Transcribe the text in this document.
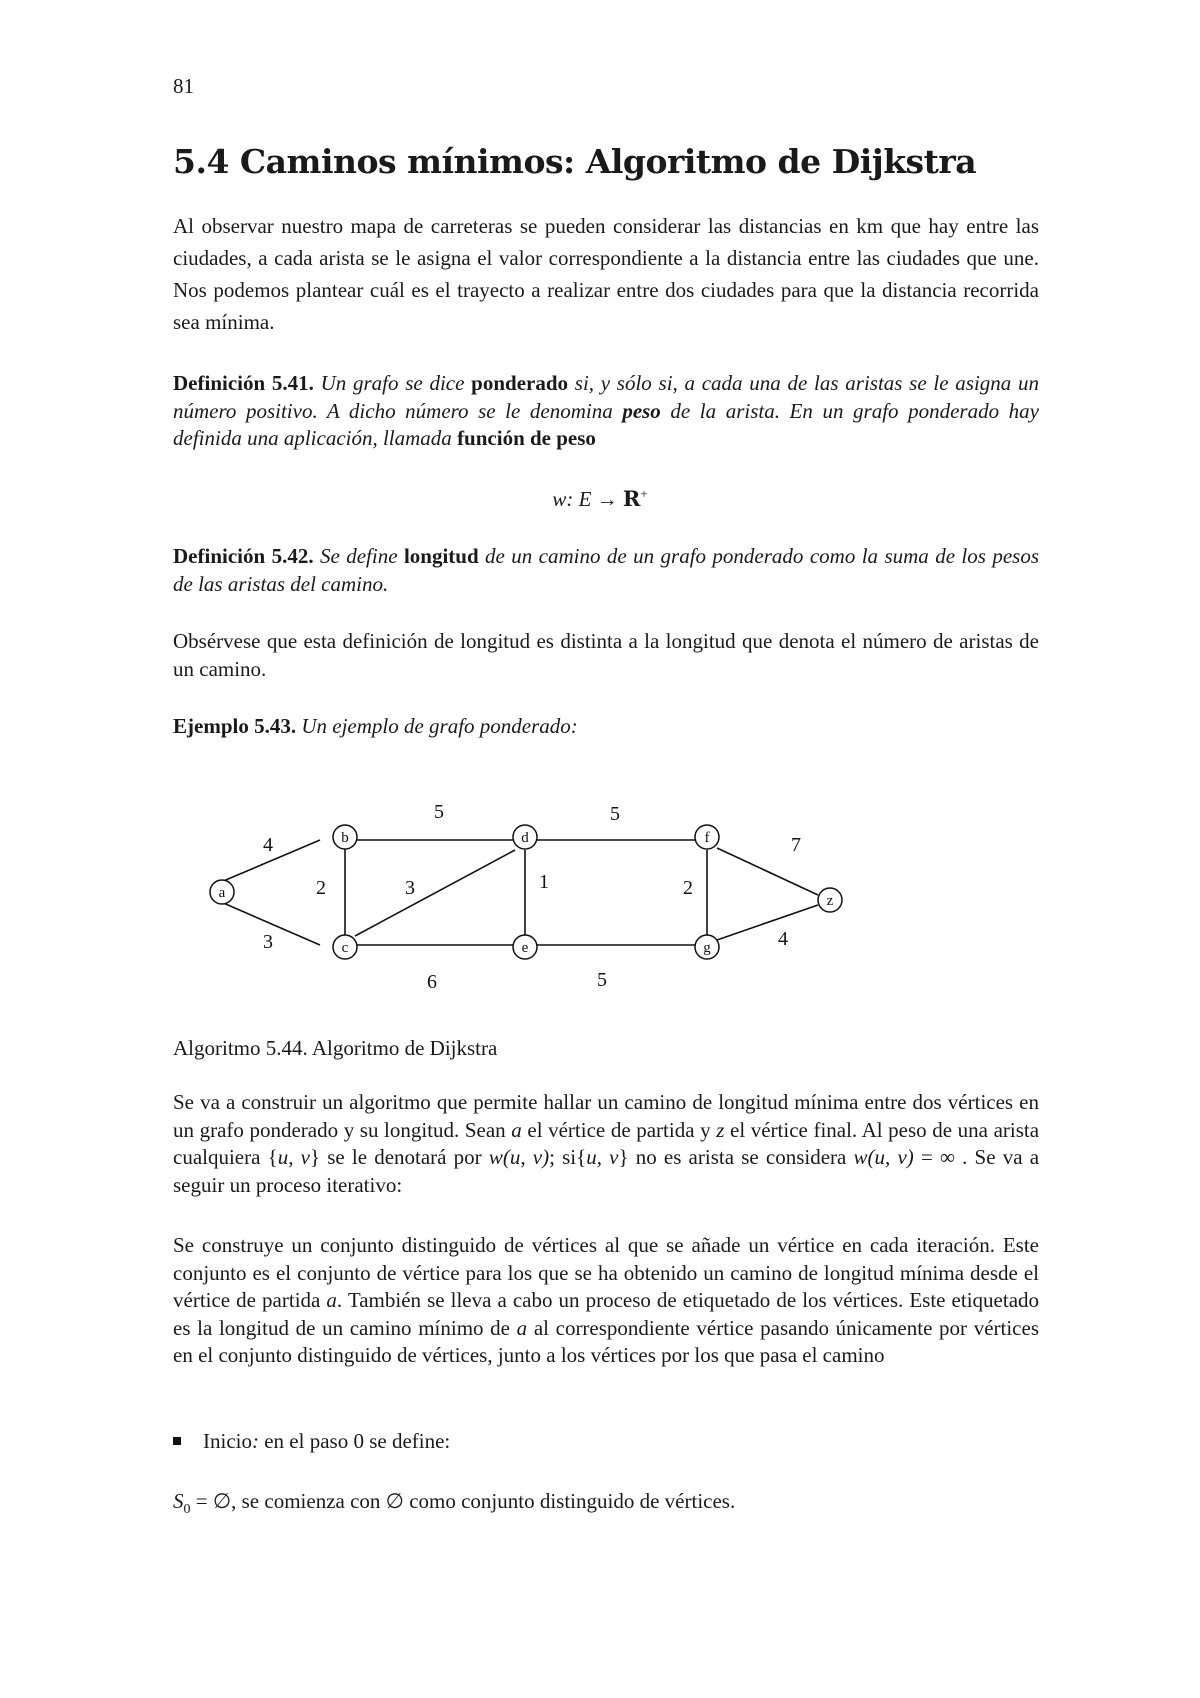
81
5.4 Caminos mínimos: Algoritmo de Dijkstra
Al observar nuestro mapa de carreteras se pueden considerar las distancias en km que hay entre las ciudades, a cada arista se le asigna el valor correspondiente a la distancia entre las ciudades que une. Nos podemos plantear cuál es el trayecto a realizar entre dos ciudades para que la distancia recorrida sea mínima.
Definición 5.41. Un grafo se dice ponderado si, y sólo si, a cada una de las aristas se le asigna un número positivo. A dicho número se le denomina peso de la arista. En un grafo ponderado hay definida una aplicación, llamada función de peso
w: E → R+
Definición 5.42. Se define longitud de un camino de un grafo ponderado como la suma de los pesos de las aristas del camino.
Obsérvese que esta definición de longitud es distinta a la longitud que denota el número de aristas de un camino.
Ejemplo 5.43. Un ejemplo de grafo ponderado:
a
b
c
d
e
f
g
z
4
3
2
5
3
6
1
5
5
2
7
4
Algoritmo 5.44. Algoritmo de Dijkstra
Se va a construir un algoritmo que permite hallar un camino de longitud mínima entre dos vértices en un grafo ponderado y su longitud. Sean a el vértice de partida y z el vértice final. Al peso de una arista cualquiera {u, v} se le denotará por w(u, v); si{u, v} no es arista se considera w(u, v) = ∞ . Se va a seguir un proceso iterativo:
Se construye un conjunto distinguido de vértices al que se añade un vértice en cada iteración. Este conjunto es el conjunto de vértice para los que se ha obtenido un camino de longitud mínima desde el vértice de partida a. También se lleva a cabo un proceso de etiquetado de los vértices. Este etiquetado es la longitud de un camino mínimo de a al correspondiente vértice pasando únicamente por vértices en el conjunto distinguido de vértices, junto a los vértices por los que pasa el camino
Inicio: en el paso 0 se define:
$S_0$ = ∅, se comienza con ∅ como conjunto distinguido de vértices.
